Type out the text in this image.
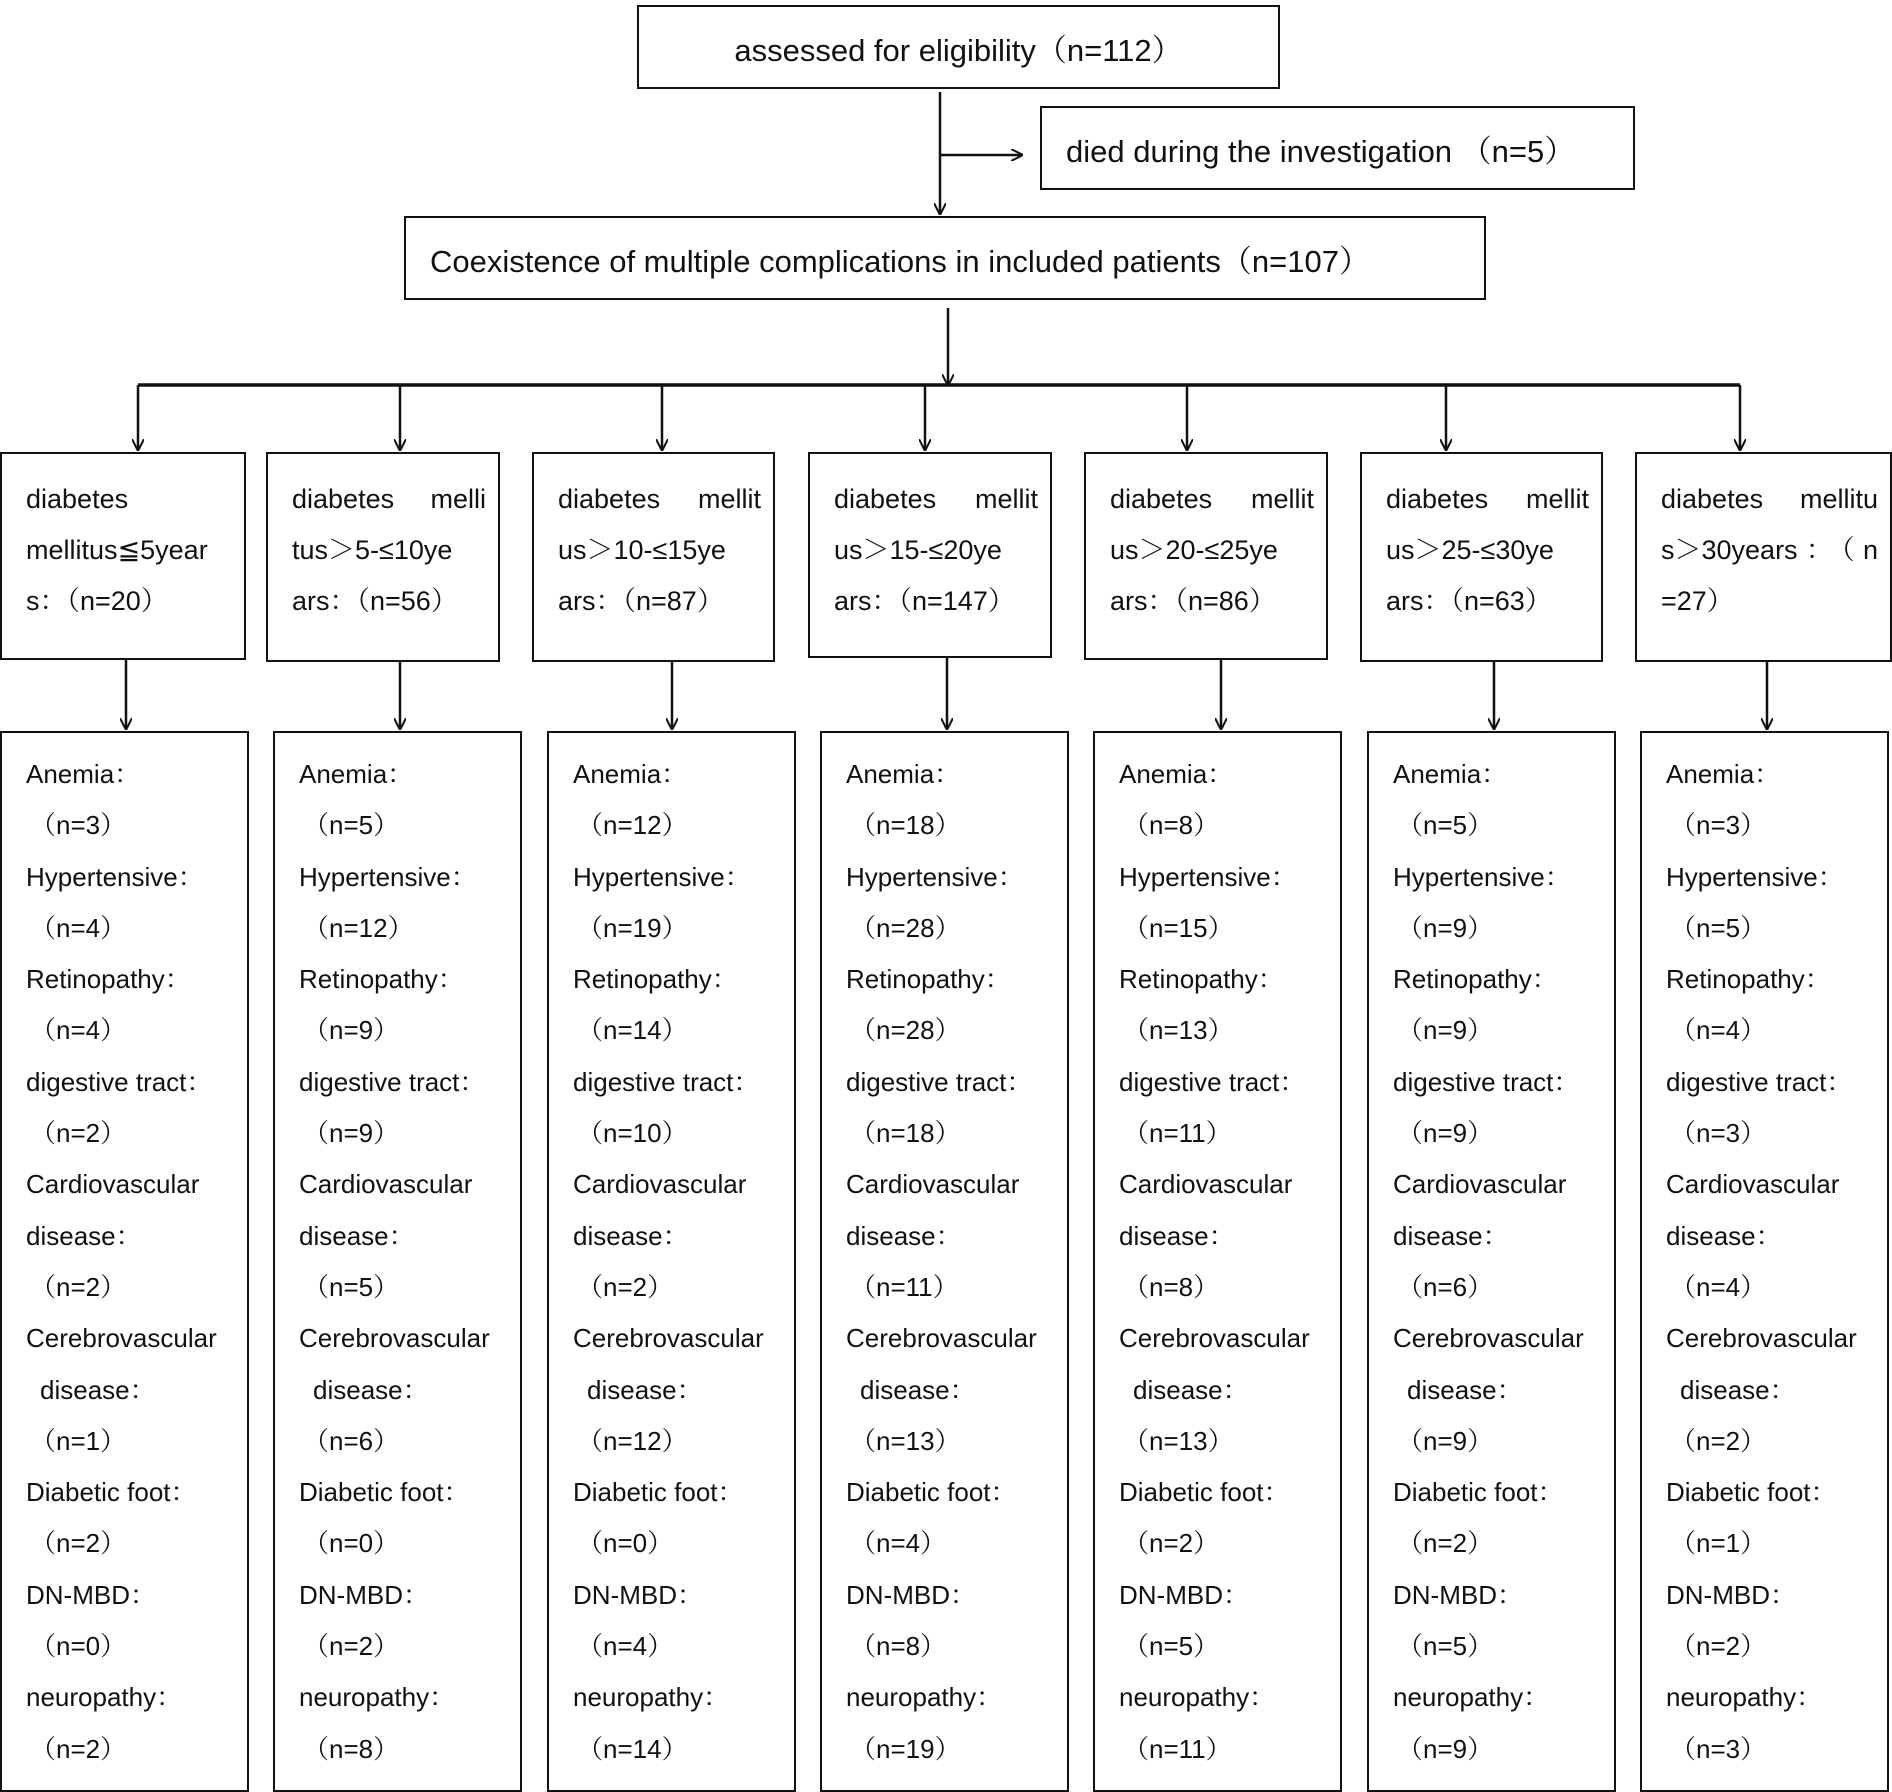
assessed for eligibility（n=112）
died during the investigation （n=5）
Coexistence of multiple complications in included patients（n=107）
diabetes
mellitus≦5year
s：（n=20）
Anemia：
（n=3）
Hypertensive：
（n=4）
Retinopathy：
（n=4）
digestive tract：
（n=2）
Cardiovascular
disease：
（n=2）
Cerebrovascular
disease：
（n=1）
Diabetic foot：
（n=2）
DN-MBD：
（n=0）
neuropathy：
（n=2）
diabetes melli
tus＞5-≤10ye
ars：（n=56）
Anemia：
（n=5）
Hypertensive：
（n=12）
Retinopathy：
（n=9）
digestive tract：
（n=9）
Cardiovascular
disease：
（n=5）
Cerebrovascular
disease：
（n=6）
Diabetic foot：
（n=0）
DN-MBD：
（n=2）
neuropathy：
（n=8）
diabetes mellit
us＞10-≤15ye
ars：（n=87）
Anemia：
（n=12）
Hypertensive：
（n=19）
Retinopathy：
（n=14）
digestive tract：
（n=10）
Cardiovascular
disease：
（n=2）
Cerebrovascular
disease：
（n=12）
Diabetic foot：
（n=0）
DN-MBD：
（n=4）
neuropathy：
（n=14）
diabetes mellit
us＞15-≤20ye
ars：（n=147）
Anemia：
（n=18）
Hypertensive：
（n=28）
Retinopathy：
（n=28）
digestive tract：
（n=18）
Cardiovascular
disease：
（n=11）
Cerebrovascular
disease：
（n=13）
Diabetic foot：
（n=4）
DN-MBD：
（n=8）
neuropathy：
（n=19）
diabetes mellit
us＞20-≤25ye
ars：（n=86）
Anemia：
（n=8）
Hypertensive：
（n=15）
Retinopathy：
（n=13）
digestive tract：
（n=11）
Cardiovascular
disease：
（n=8）
Cerebrovascular
disease：
（n=13）
Diabetic foot：
（n=2）
DN-MBD：
（n=5）
neuropathy：
（n=11）
diabetes mellit
us＞25-≤30ye
ars：（n=63）
Anemia：
（n=5）
Hypertensive：
（n=9）
Retinopathy：
（n=9）
digestive tract：
（n=9）
Cardiovascular
disease：
（n=6）
Cerebrovascular
disease：
（n=9）
Diabetic foot：
（n=2）
DN-MBD：
（n=5）
neuropathy：
（n=9）
diabetes mellitu
s＞30years：（n
=27）
Anemia：
（n=3）
Hypertensive：
（n=5）
Retinopathy：
（n=4）
digestive tract：
（n=3）
Cardiovascular
disease：
（n=4）
Cerebrovascular
disease：
（n=2）
Diabetic foot：
（n=1）
DN-MBD：
（n=2）
neuropathy：
（n=3）
